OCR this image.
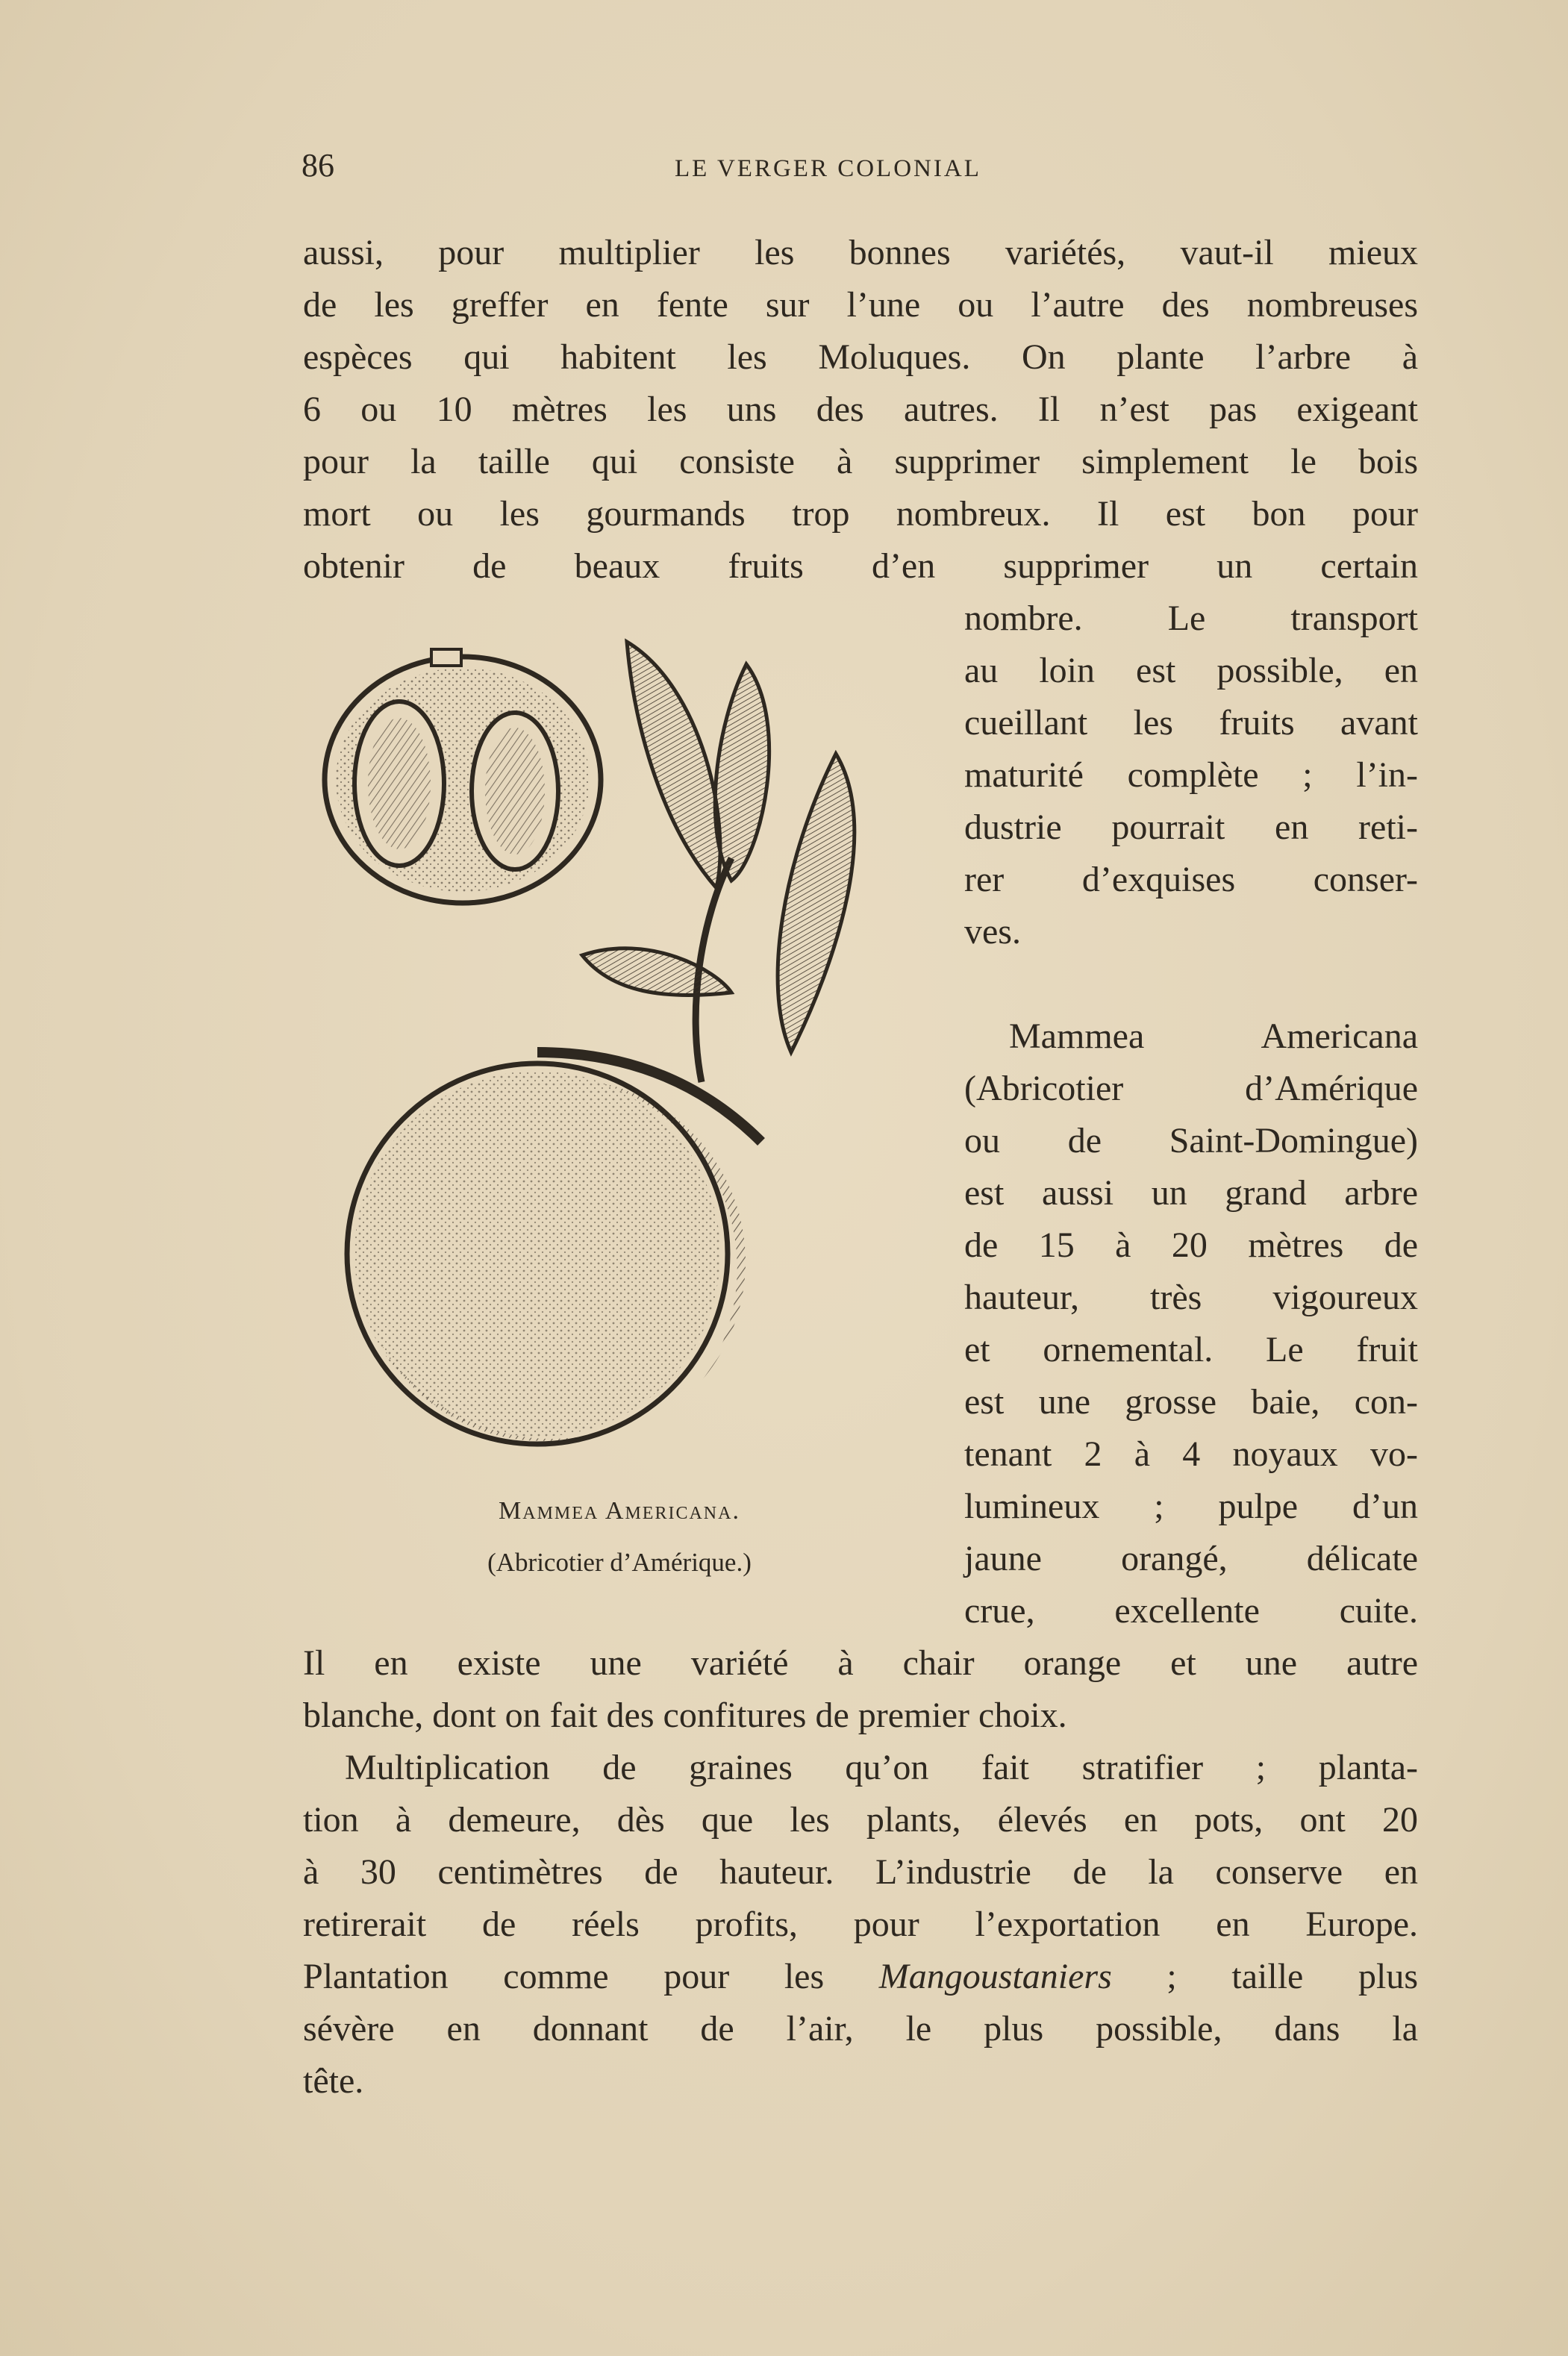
86	LE VERGER COLONIAL
aussi, pour multiplier les bonnes variétés, vaut-il mieux
de les greffer en fente sur l’une ou l’autre des nombreuses
espèces qui habitent les Moluques. On plante l’arbre à
6 ou 10 mètres les uns des autres. Il n’est pas exigeant
pour la taille qui consiste à supprimer simplement le bois
mort ou les gourmands trop nombreux. Il est bon pour
obtenir de beaux fruits d’en supprimer un certain
nombre. Le transport
au loin est possible, en
cueillant les fruits avant
maturité complète ; l’in-
dustrie pourrait en reti-
rer d’exquises conser-
ves.
Mammea Americana
(Abricotier d’Amérique
ou de Saint-Domingue)
est aussi un grand arbre
de 15 à 20 mètres de
hauteur, très vigoureux
et ornemental. Le fruit
est une grosse baie, con-
tenant 2 à 4 noyaux vo-
lumineux ; pulpe d’un
jaune orangé, délicate
crue, excellente cuite.
Mammea Americana.
(Abricotier d’Amérique.)
Il en existe une variété à chair orange et une autre
blanche, dont on fait des confitures de premier choix.
Multiplication de graines qu’on fait stratifier ; planta-
tion à demeure, dès que les plants, élevés en pots, ont 20
à 30 centimètres de hauteur. L’industrie de la conserve en
retirerait de réels profits, pour l’exportation en Europe.
Plantation comme pour les Mangoustaniers ; taille plus
sévère en donnant de l’air, le plus possible, dans la
tête.
